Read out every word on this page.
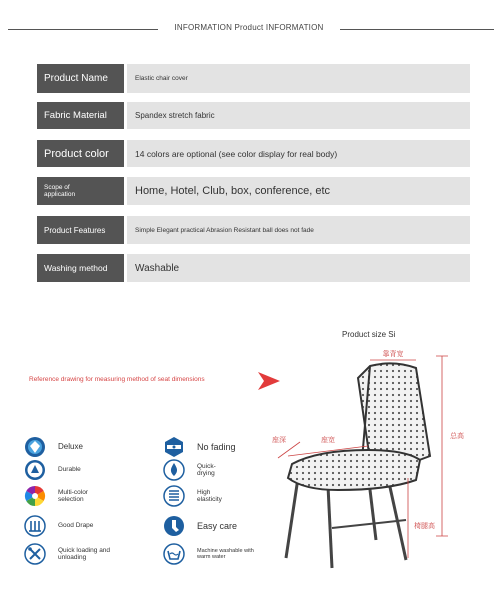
INFORMATION Product INFORMATION
Product Name	Elastic chair cover
Fabric Material	Spandex stretch fabric
Product color	14 colors are optional (see color display for real body)
Scope of application	Home, Hotel, Club, box, conference, etc
Product Features	Simple Elegant practical Abrasion Resistant ball does not fade
Washing method	Washable
Reference drawing for measuring method of seat dimensions
Deluxe	No fading
Durable
Quick-drying
Multi-color selection
High elasticity
Good Drape	Easy care
Quick loading and unloading
Machine washable with warm water
Product size Si
靠背宽
座宽
座深
椅腿高
总高
